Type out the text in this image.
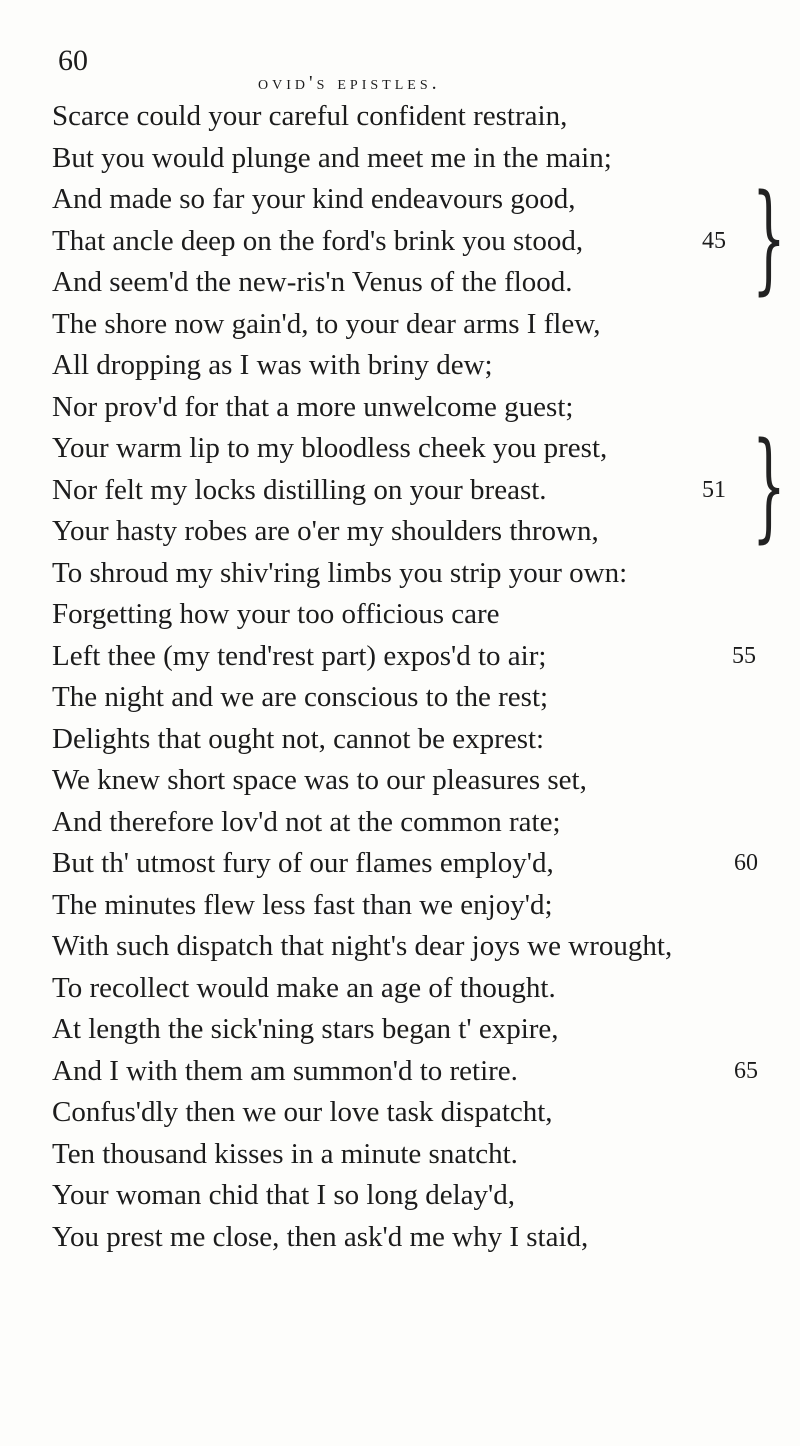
60
ovid's epistles.
Scarce could your careful confident restrain,
But you would plunge and meet me in the main;
And made so far your kind endeavours good,
That ancle deep on the ford's brink you stood,	45
And seem'd the new-ris'n Venus of the flood.
The shore now gain'd, to your dear arms I flew,
All dropping as I was with briny dew;
Nor prov'd for that a more unwelcome guest;
Your warm lip to my bloodless cheek you prest,
Nor felt my locks distilling on your breast.	51
Your hasty robes are o'er my shoulders thrown,
To shroud my shiv'ring limbs you strip your own:
Forgetting how your too officious care
Left thee (my tend'rest part) expos'd to air;	55
The night and we are conscious to the rest;
Delights that ought not, cannot be exprest:
We knew short space was to our pleasures set,
And therefore lov'd not at the common rate;
But th' utmost fury of our flames employ'd,	60
The minutes flew less fast than we enjoy'd;
With such dispatch that night's dear joys we wrought,
To recollect would make an age of thought.
At length the sick'ning stars began t' expire,
And I with them am summon'd to retire.	65
Confus'dly then we our love task dispatcht,
Ten thousand kisses in a minute snatcht.
Your woman chid that I so long delay'd,
You prest me close, then ask'd me why I staid,
}
}
